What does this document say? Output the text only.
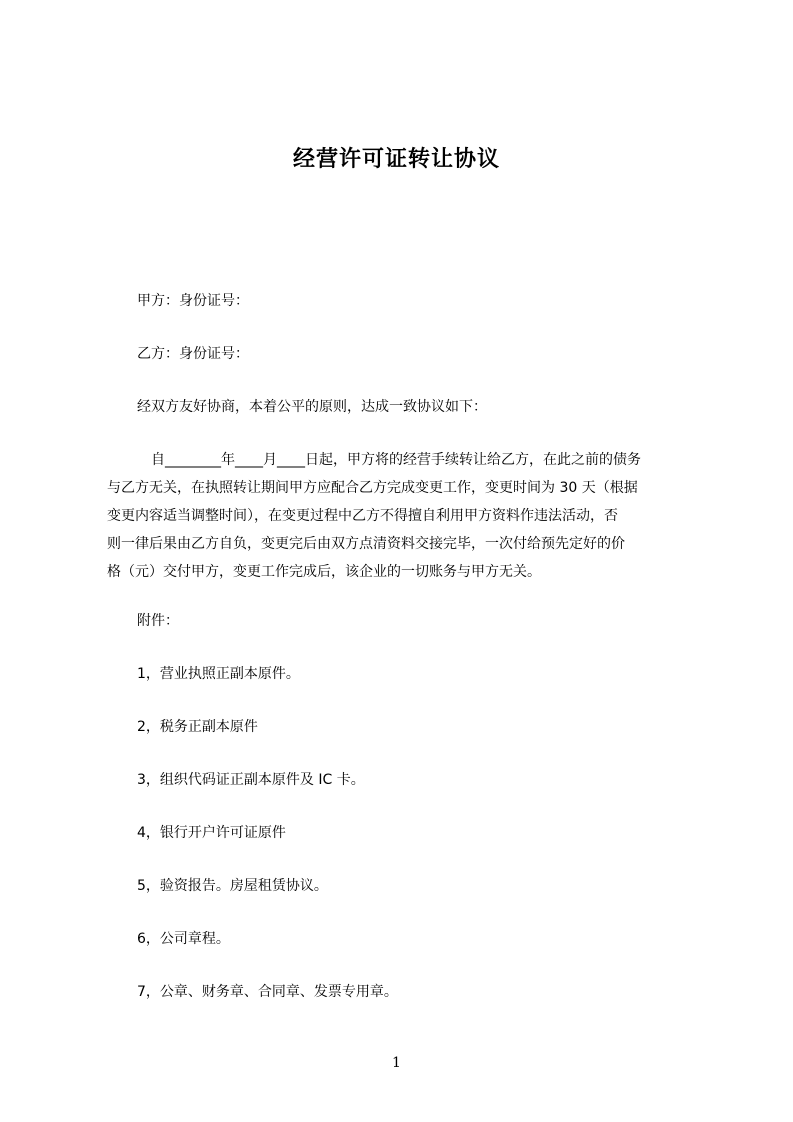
经营许可证转让协议
甲方：身份证号：
乙方：身份证号：
经双方友好协商，本着公平的原则，达成一致协议如下：
　自________年____月____日起，甲方将的经营手续转让给乙方，在此之前的债务
与乙方无关，在执照转让期间甲方应配合乙方完成变更工作，变更时间为 30 天（根据
变更内容适当调整时间），在变更过程中乙方不得擅自利用甲方资料作违法活动，否
则一律后果由乙方自负，变更完后由双方点清资料交接完毕，一次付给预先定好的价
格（元）交付甲方，变更工作完成后，该企业的一切账务与甲方无关。
附件：
1，营业执照正副本原件。
2，税务正副本原件
3，组织代码证正副本原件及 IC 卡。
4，银行开户许可证原件
5，验资报告。房屋租赁协议。
6，公司章程。
7，公章、财务章、合同章、发票专用章。
1
